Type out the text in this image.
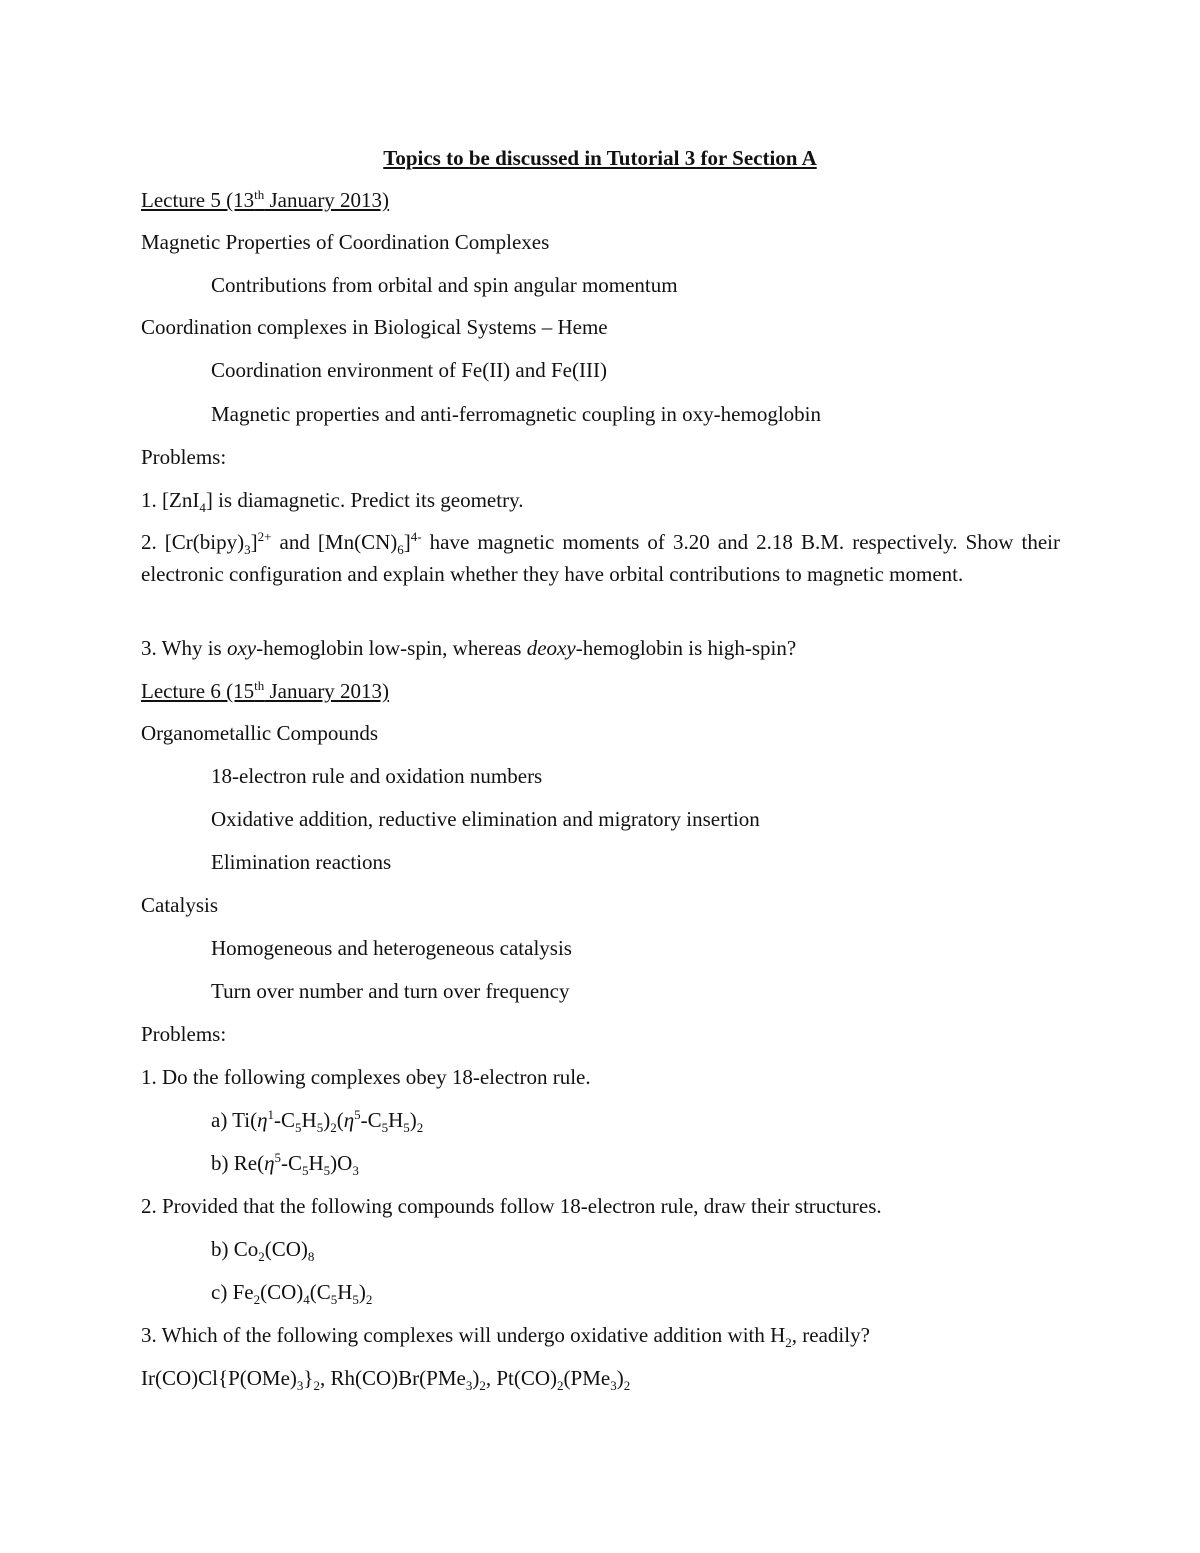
Topics to be discussed in Tutorial 3 for Section A
Lecture 5 (13th January 2013)
Magnetic Properties of Coordination Complexes
Contributions from orbital and spin angular momentum
Coordination complexes in Biological Systems – Heme
Coordination environment of Fe(II) and Fe(III)
Magnetic properties and anti-ferromagnetic coupling in oxy-hemoglobin
Problems:
1. [ZnI$_4$] is diamagnetic. Predict its geometry.
2. $[Cr(bipy)_3]^{2+}$ and $[Mn(CN)_6]^{4-}$ have magnetic moments of 3.20 and 2.18 B.M. respectively. Show their electronic configuration and explain whether they have orbital contributions to magnetic moment.
3. Why is oxy-hemoglobin low-spin, whereas deoxy-hemoglobin is high-spin?
Lecture 6 (15th January 2013)
Organometallic Compounds
18-electron rule and oxidation numbers
Oxidative addition, reductive elimination and migratory insertion
Elimination reactions
Catalysis
Homogeneous and heterogeneous catalysis
Turn over number and turn over frequency
Problems:
1. Do the following complexes obey 18-electron rule.
a) $Ti(\eta^1-C_5H_5)_2(\eta^5-C_5H_5)_2$
b) $Re(\eta^5-C_5H_5)O_3$
2. Provided that the following compounds follow 18-electron rule, draw their structures.
b) $Co_2(CO)_8$
c) $Fe_2(CO)_4(C_5H_5)_2$
3. Which of the following complexes will undergo oxidative addition with $H_2$, readily?
$Ir(CO)Cl\{P(OMe)_3\}_2$, $Rh(CO)Br(PMe_3)_2$, $Pt(CO)_2(PMe_3)_2$
